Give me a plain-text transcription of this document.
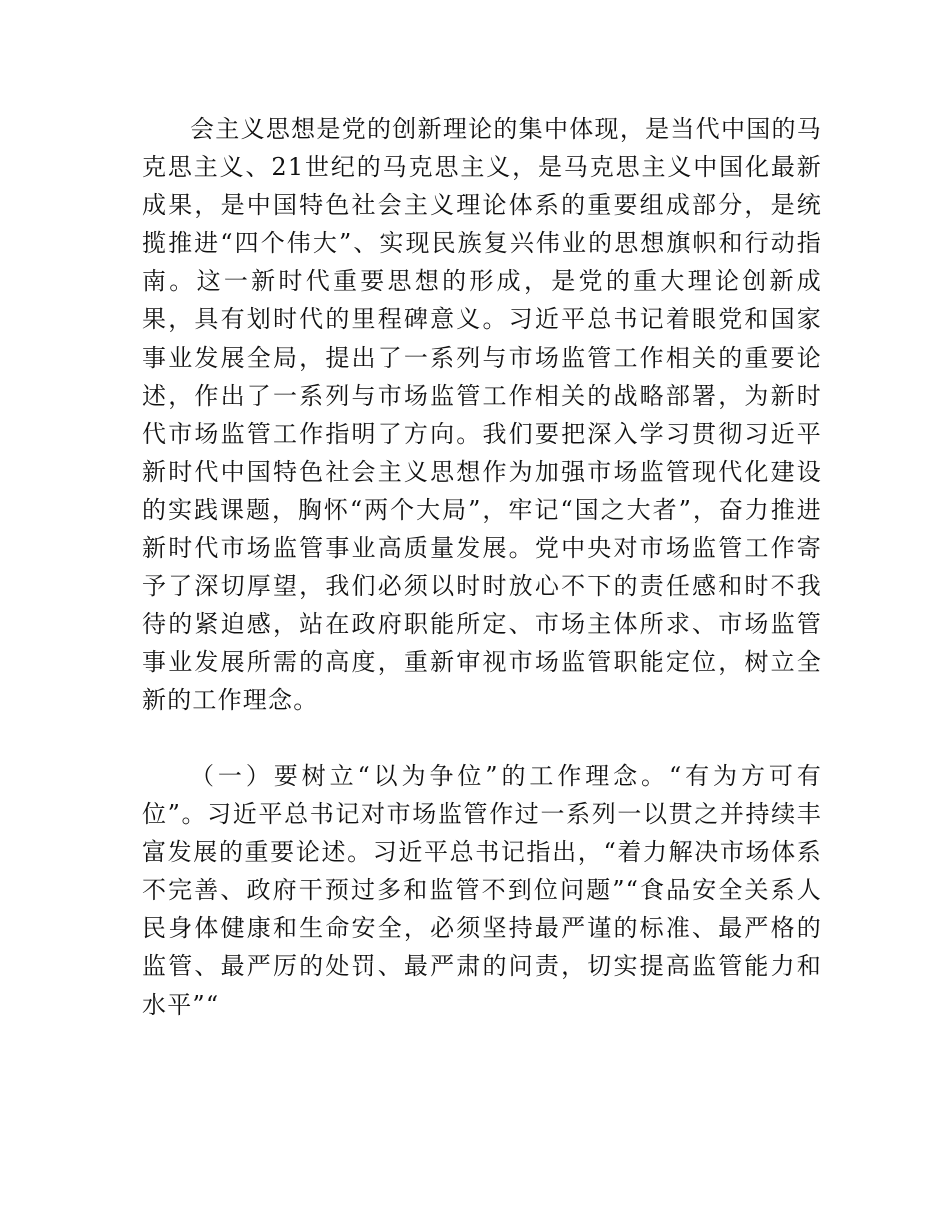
会主义思想是党的创新理论的集中体现，是当代中国的马克思主义、21世纪的马克思主义，是马克思主义中国化最新成果，是中国特色社会主义理论体系的重要组成部分，是统揽推进“四个伟大”、实现民族复兴伟业的思想旗帜和行动指南。这一新时代重要思想的形成，是党的重大理论创新成果，具有划时代的里程碑意义。习近平总书记着眼党和国家事业发展全局，提出了一系列与市场监管工作相关的重要论述，作出了一系列与市场监管工作相关的战略部署，为新时代市场监管工作指明了方向。我们要把深入学习贯彻习近平新时代中国特色社会主义思想作为加强市场监管现代化建设的实践课题，胸怀“两个大局”，牢记“国之大者”，奋力推进新时代市场监管事业高质量发展。党中央对市场监管工作寄予了深切厚望，我们必须以时时放心不下的责任感和时不我待的紧迫感，站在政府职能所定、市场主体所求、市场监管事业发展所需的高度，重新审视市场监管职能定位，树立全新的工作理念。

（一）要树立“以为争位”的工作理念。“有为方可有位”。习近平总书记对市场监管作过一系列一以贯之并持续丰富发展的重要论述。习近平总书记指出，“着力解决市场体系不完善、政府干预过多和监管不到位问题”“食品安全关系人民身体健康和生命安全，必须坚持最严谨的标准、最严格的监管、最严厉的处罚、最严肃的问责，切实提高监管能力和水平”“
